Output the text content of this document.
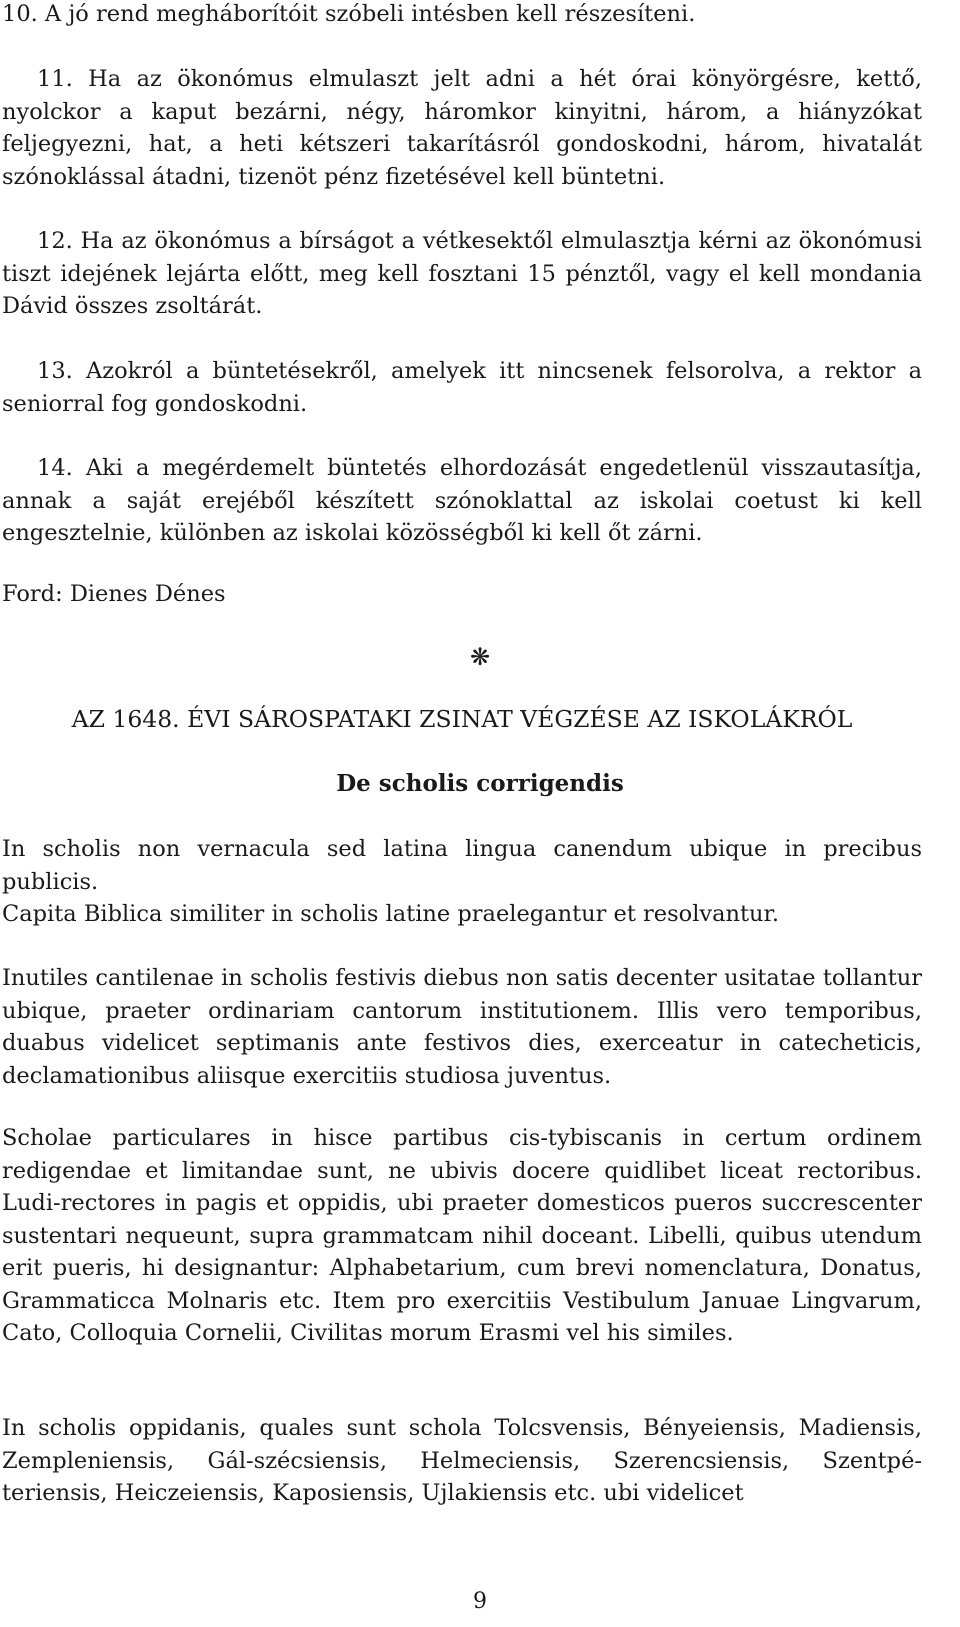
10. A jó rend megháborítóit szóbeli intésben kell részesíteni.

11. Ha az ökonómus elmulaszt jelt adni a hét órai könyörgésre, kettő, nyolckor a kaput bezárni, négy, háromkor kinyitni, három, a hiányzókat feljegyezni, hat, a heti kétszeri takarításról gondoskodni, három, hivatalát szónoklással átadni, tizenöt pénz fizetésével kell büntetni.

12. Ha az ökonómus a bírságot a vétkesektől elmulasztja kérni az ökonómusi tiszt idejének lejárta előtt, meg kell fosztani 15 pénztől, vagy el kell mondania Dávid összes zsoltárát.

13. Azokról a büntetésekről, amelyek itt nincsenek felsorolva, a rektor a seniorral fog gondoskodni.

14. Aki a megérdemelt büntetés elhordozását engedetlenül visszautasítja, annak a saját erejéből készített szónoklattal az iskolai coetust ki kell engesztelnie, különben az iskolai közösségből ki kell őt zárni.

Ford: Dienes Dénes

❋
AZ 1648. ÉVI SÁROSPATAKI ZSINAT VÉGZÉSE AZ ISKOLÁKRÓL
De scholis corrigendis

In scholis non vernacula sed latina lingua canendum ubique in precibus publicis.

Capita Biblica similiter in scholis latine praelegantur et resolvantur.

Inutiles cantilenae in scholis festivis diebus non satis decenter usitatae tollantur ubique, praeter ordinariam cantorum institutionem. Illis vero temporibus, duabus videlicet septimanis ante festivos dies, exerceatur in catecheticis, declamationibus aliisque exercitiis studiosa juventus.

Scholae particulares in hisce partibus cis-tybiscanis in certum ordinem redigendae et limitandae sunt, ne ubivis docere quidlibet liceat rectoribus. Ludi-rectores in pagis et oppidis, ubi praeter domesticos pueros succrescenter sustentari nequeunt, supra grammatcam nihil doceant. Libelli, quibus utendum erit pueris, hi designantur: Alphabetarium, cum brevi nomenclatura, Donatus, Grammaticca Molnaris etc. Item pro exercitiis Vestibulum Januae Lingvarum, Cato, Colloquia Cornelii, Civilitas morum Erasmi vel his similes.

In scholis oppidanis, quales sunt schola Tolcsvensis, Bényeiensis, Madiensis, Zempleniensis, Gál-szécsiensis, Helmeciensis, Szerencsiensis, Szentpé-teriensis, Heiczeiensis, Kaposiensis, Ujlakiensis etc. ubi videlicet

9
